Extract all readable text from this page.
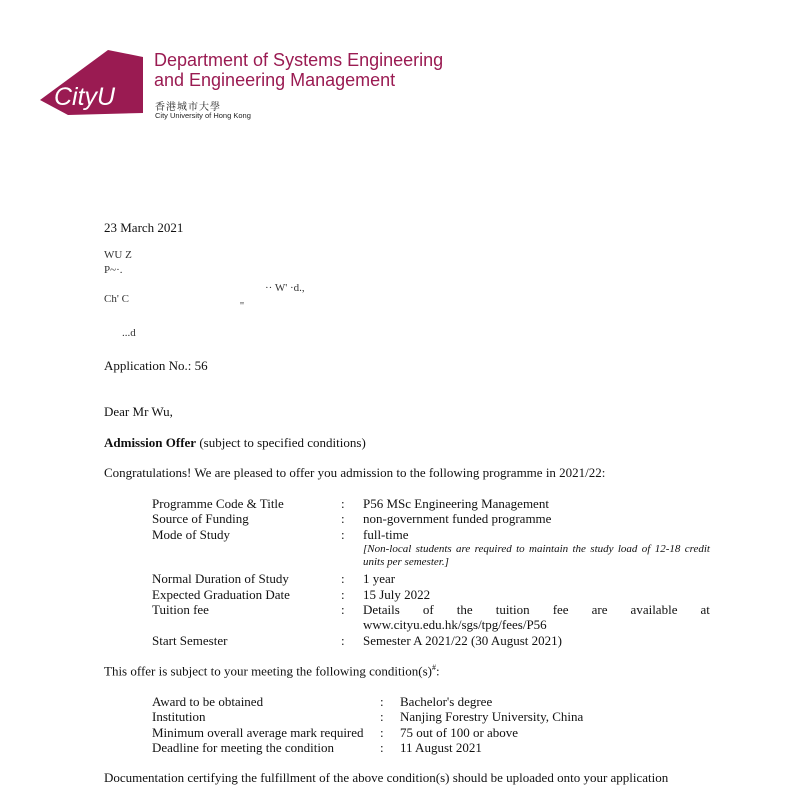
CityU
Department of Systems Engineering
and Engineering Management
香港城市大學
City University of Hong Kong
23 March 2021
WU Z
P~·.
Ch' C
·· W' ·d.,
''
...d
Application No.: 56
Dear Mr Wu,
Admission Offer (subject to specified conditions)
Congratulations! We are pleased to offer you admission to the following programme in 2021/22:
Programme Code & Title	: P56 MSc Engineering Management
Source of Funding	: non-government funded programme
Mode of Study	: full-time
[Non-local students are required to maintain the study load of 12-18 credit units per semester.]
Normal Duration of Study	: 1 year
Expected Graduation Date	: 15 July 2022
Tuition fee	: Details of the tuition fee are available at
www.cityu.edu.hk/sgs/tpg/fees/P56
Start Semester	: Semester A 2021/22 (30 August 2021)
This offer is subject to your meeting the following condition(s)#:
Award to be obtained	: Bachelor's degree
Institution	: Nanjing Forestry University, China
Minimum overall average mark required : 75 out of 100 or above
Deadline for meeting the condition	: 11 August 2021
Documentation certifying the fulfillment of the above condition(s) should be uploaded onto your application
